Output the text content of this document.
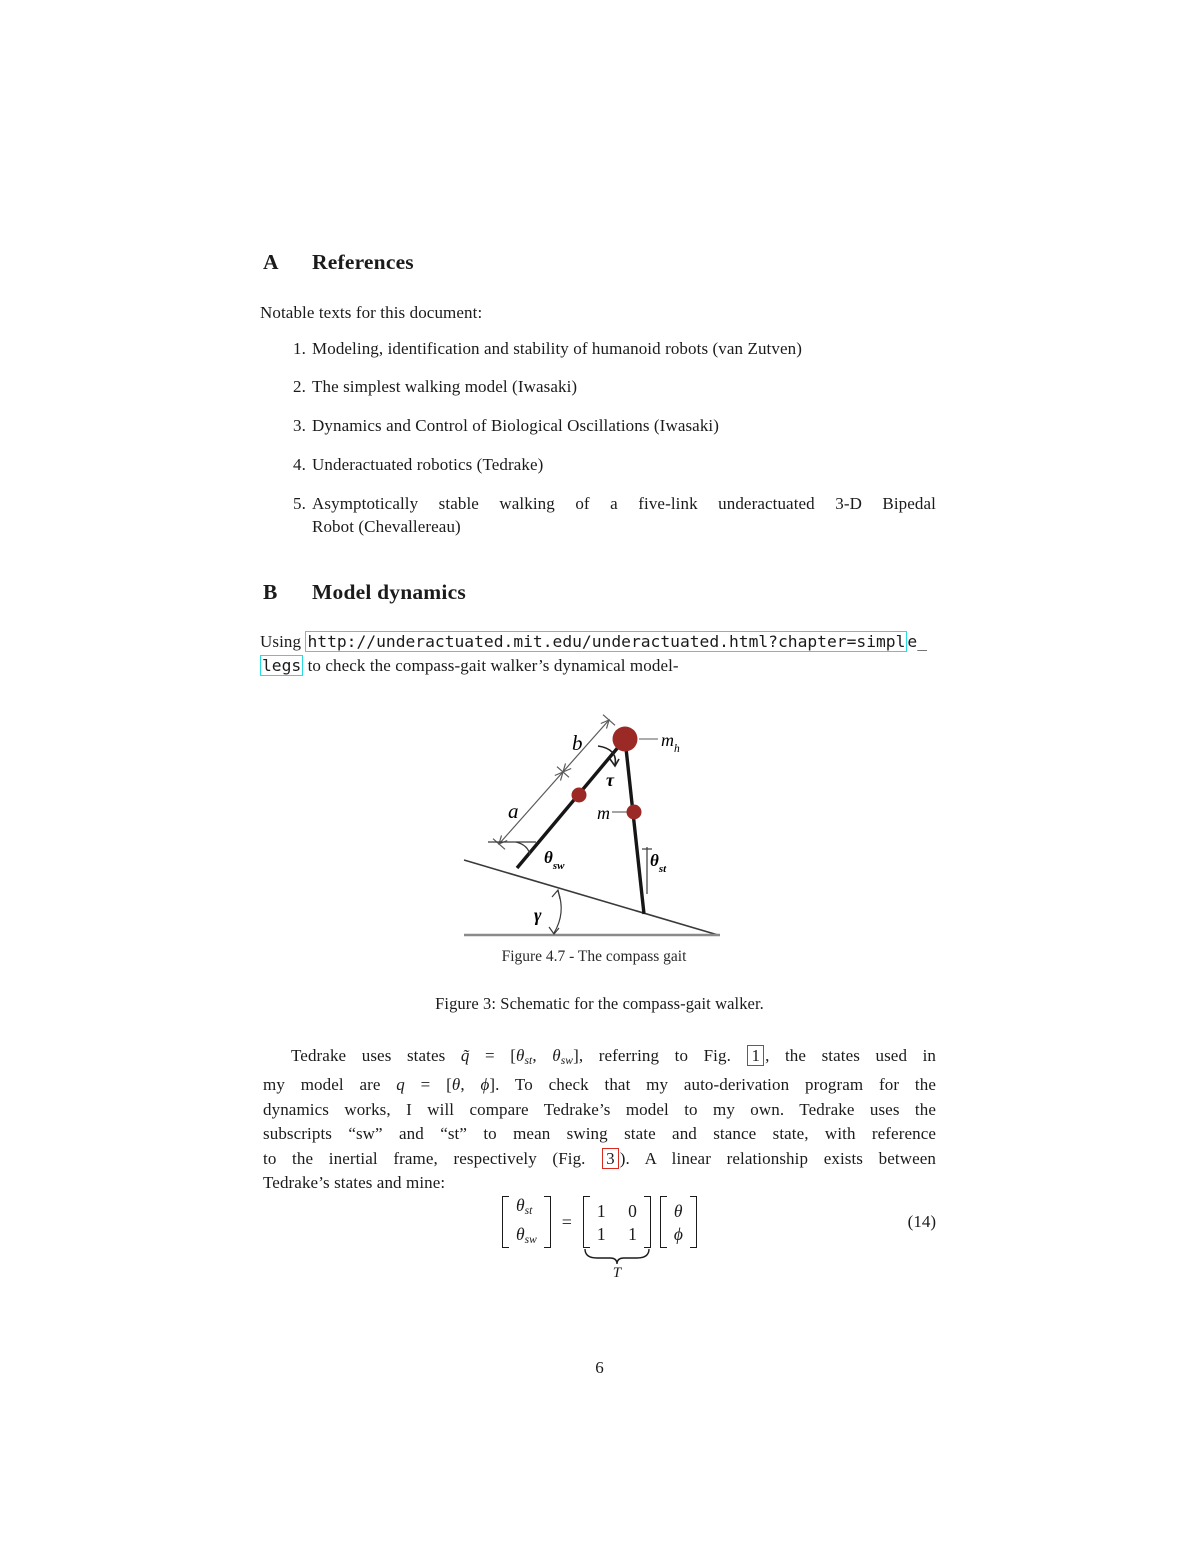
A References
Notable texts for this document:
1. Modeling, identification and stability of humanoid robots (van Zutven)
2. The simplest walking model (Iwasaki)
3. Dynamics and Control of Biological Oscillations (Iwasaki)
4. Underactuated robotics (Tedrake)
5. Asymptotically stable walking of a five-link underactuated 3-D Bipedal
Robot (Chevallereau)
B Model dynamics
Using http://underactuated.mit.edu/underactuated.html?chapter=simpl e_
legs to check the compass-gait walker’s dynamical model-
b
a
τ
$m_h$
m
$\theta_{sw}$	$\theta_{st}$
γ
Figure 4.7 - The compass gait
Figure 3: Schematic for the compass-gait walker.
Tedrake uses states q̃ = [θst, θsw], referring to Fig. 1 , the states used in
my model are q = [θ, ϕ]. To check that my auto-derivation program for the
dynamics works, I will compare Tedrake’s model to my own. Tedrake uses the
subscripts “sw” and “st” to mean swing state and stance state, with reference
to the inertial frame, respectively (Fig. 3 ). A linear relationship exists between
Tedrake’s states and mine:
θst
θsw
=
1 0
1 1
T
θ
ϕ
(14)
6
